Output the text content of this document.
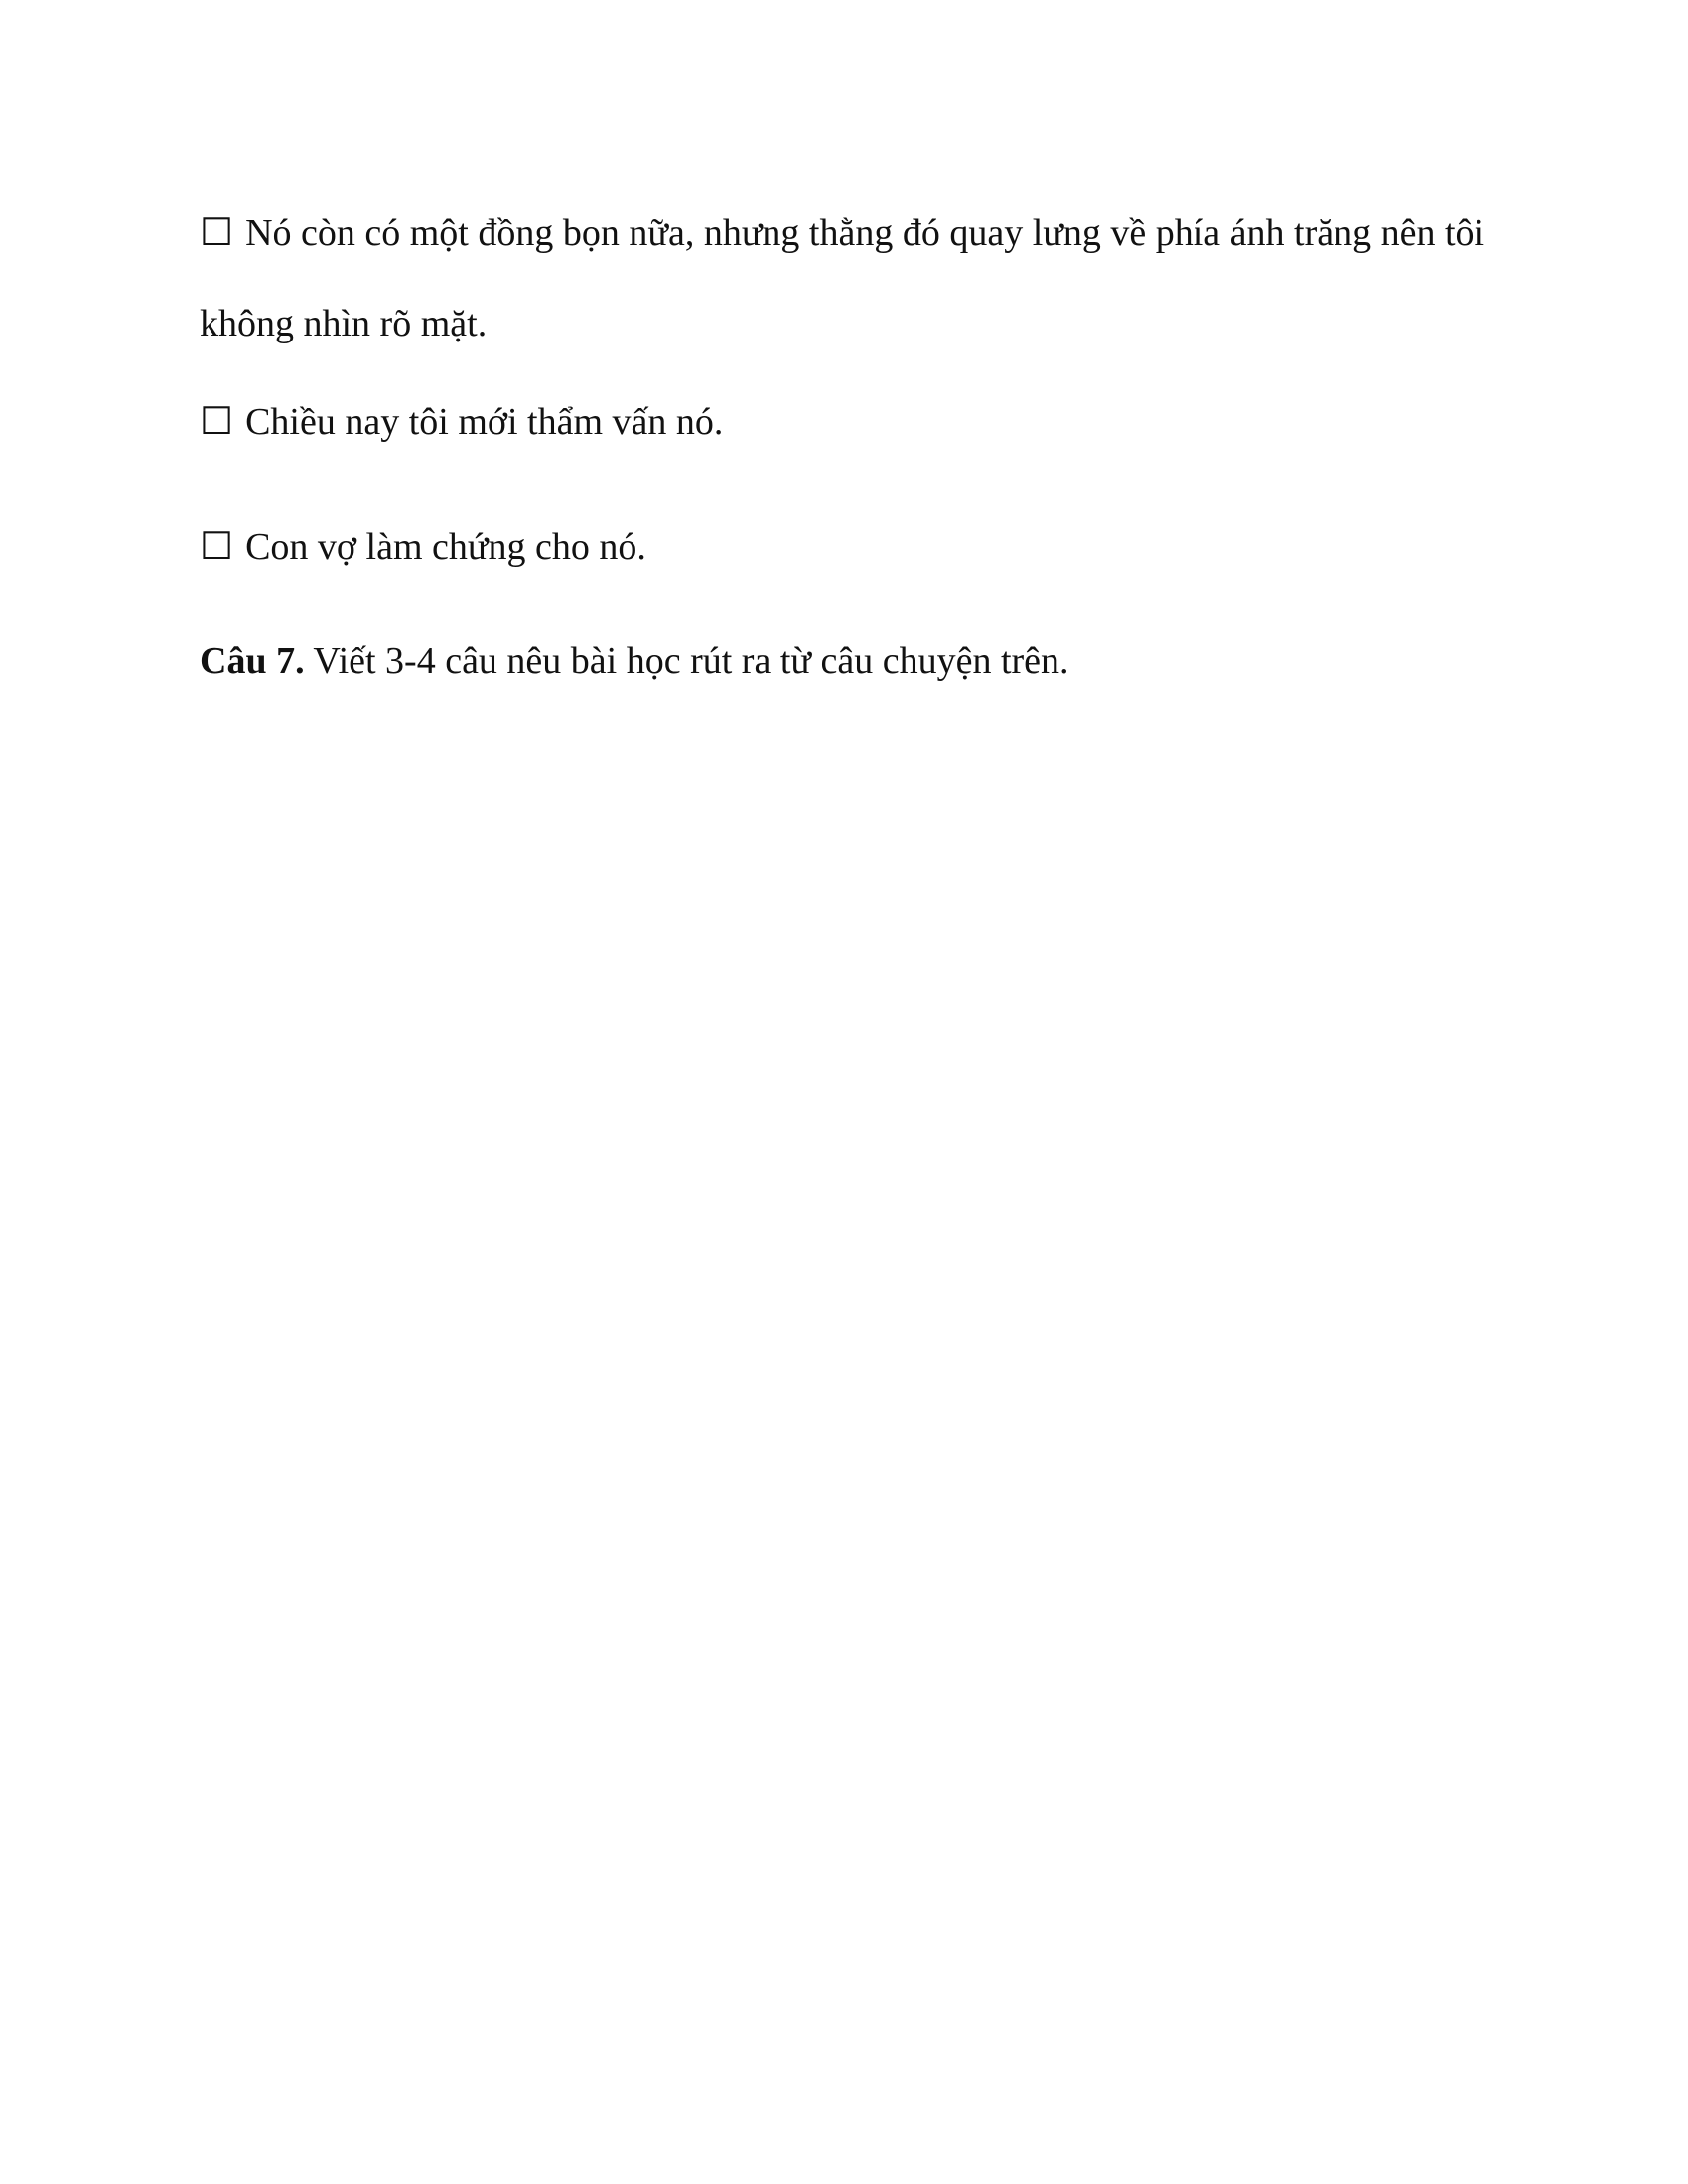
☐ Nó còn có một đồng bọn nữa, nhưng thằng đó quay lưng về phía ánh trăng nên tôi không nhìn rõ mặt.
☐ Chiều nay tôi mới thẩm vấn nó.
☐ Con vợ làm chứng cho nó.
Câu 7. Viết 3-4 câu nêu bài học rút ra từ câu chuyện trên.
